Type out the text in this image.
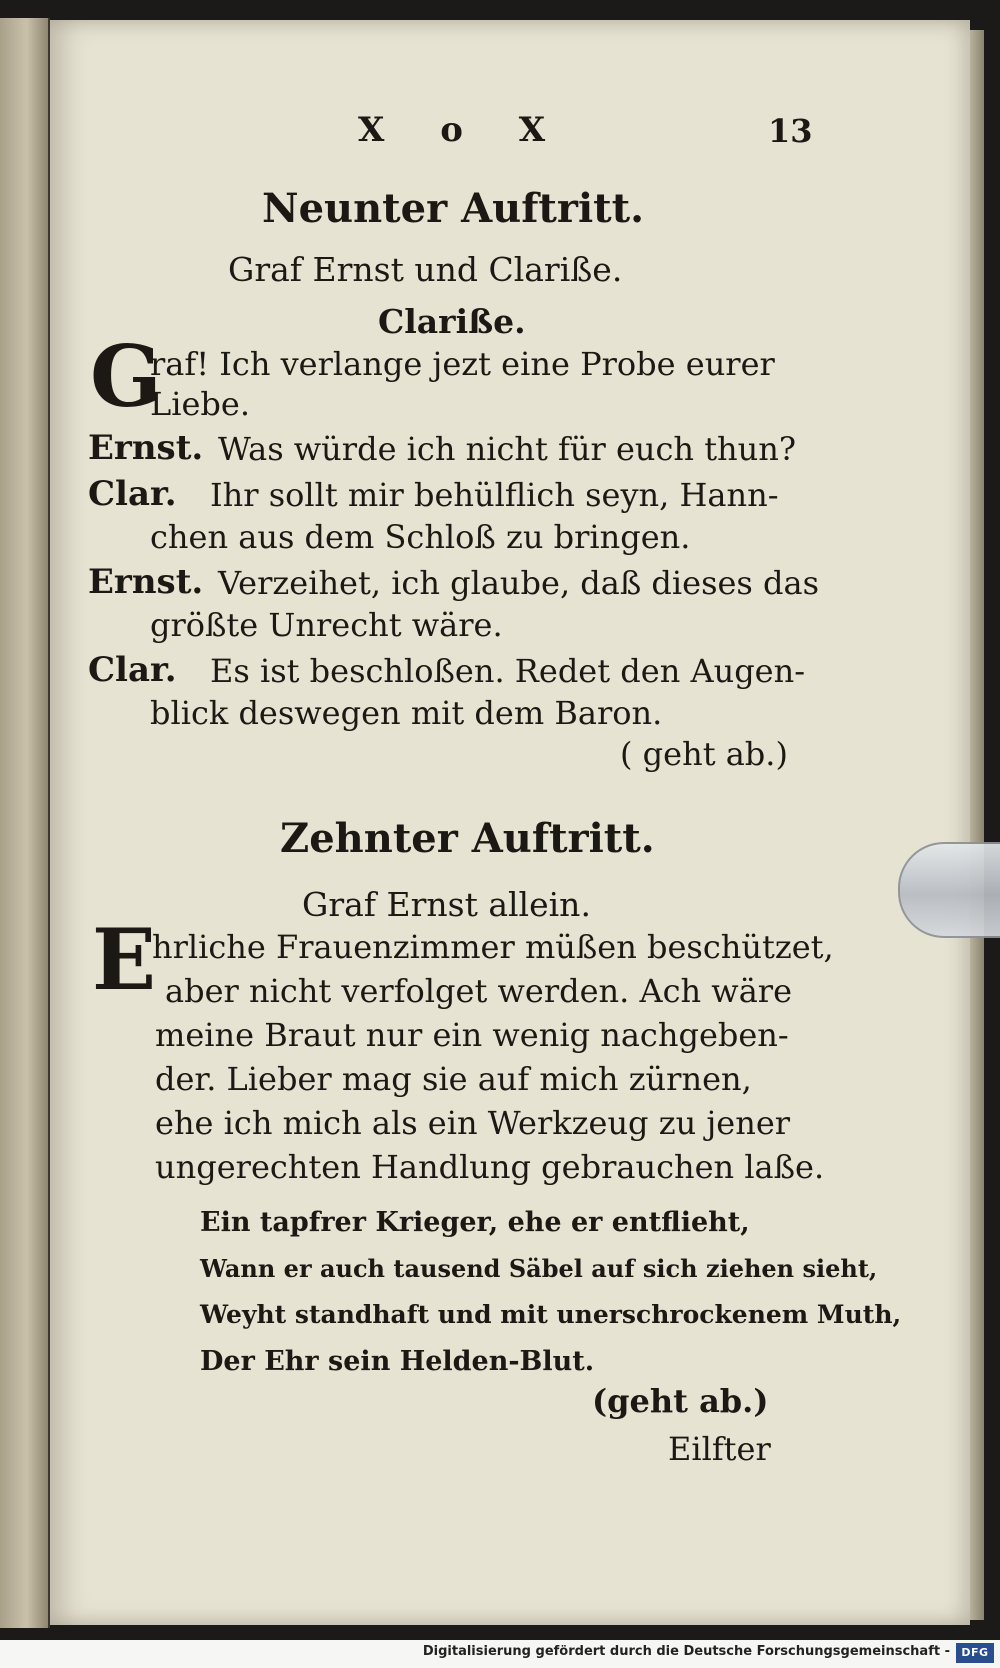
X o X	13
Neunter Auftritt.
Graf Ernst und Clariße.
Clariße.
G
raf! Ich verlange jezt eine Probe eurer
Liebe.
Ernst. Was würde ich nicht für euch thun?
Clar. Ihr sollt mir behülflich seyn, Hann-
chen aus dem Schloß zu bringen.
Ernst. Verzeihet, ich glaube, daß dieses das
größte Unrecht wäre.
Clar. Es ist beschloßen. Redet den Augen-
blick deswegen mit dem Baron.
( geht ab.)
Zehnter Auftritt.
Graf Ernst allein.
E
hrliche Frauenzimmer müßen beschützet,
aber nicht verfolget werden. Ach wäre
meine Braut nur ein wenig nachgeben-
der. Lieber mag sie auf mich zürnen,
ehe ich mich als ein Werkzeug zu jener
ungerechten Handlung gebrauchen laße.
Ein tapfrer Krieger, ehe er entflieht,
Wann er auch tausend Säbel auf sich ziehen sieht,
Weyht standhaft und mit unerschrockenem Muth,
Der Ehr sein Helden-Blut.
(geht ab.)
Eilfter
Digitalisierung gefördert durch die Deutsche Forschungsgemeinschaft -	DFG
